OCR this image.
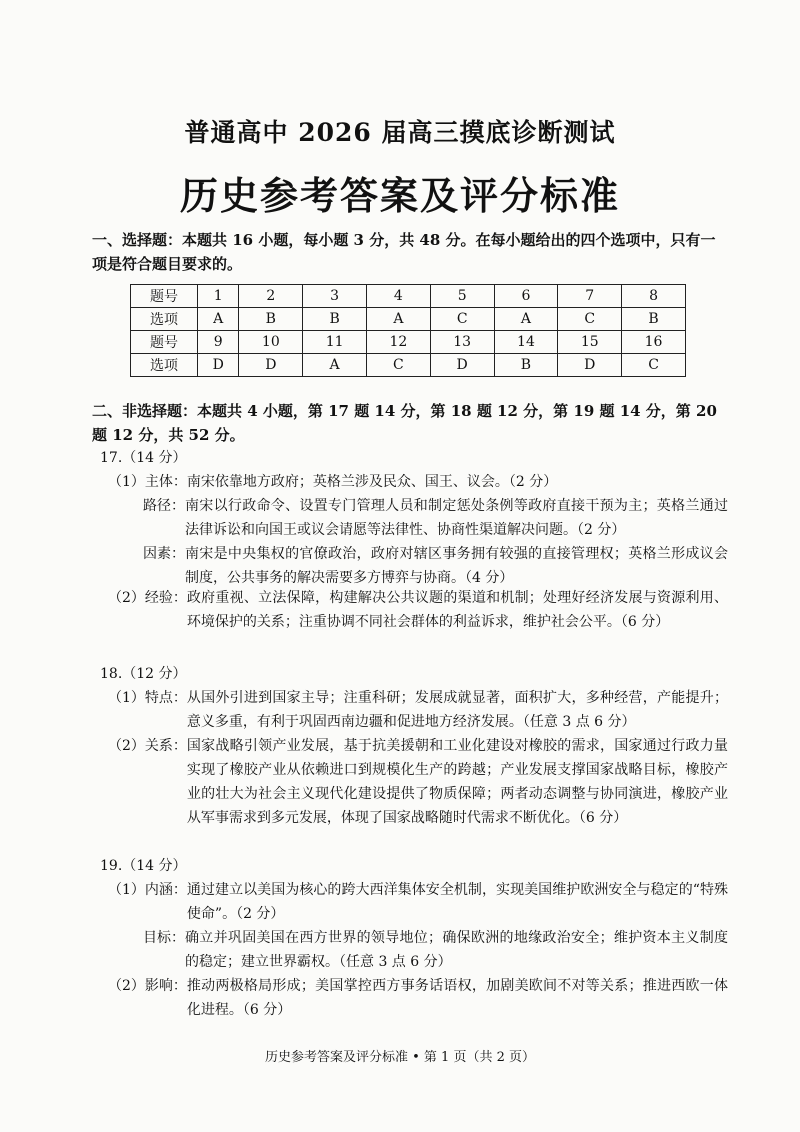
普通高中 2026 届高三摸底诊断测试
历史参考答案及评分标准
一、选择题：本题共 16 小题，每小题 3 分，共 48 分。在每小题给出的四个选项中，只有一项是符合题目要求的。
题号	1	2	3	4	5	6	7	8
选项	A	B	B	A	C	A	C	B
题号	9	10	11	12	13	14	15	16
选项	D	D	A	C	D	B	D	C
二、非选择题：本题共 4 小题，第 17 题 14 分，第 18 题 12 分，第 19 题 14 分，第 20 题 12 分，共 52 分。
17.（14 分）
（1）主体： 南宋依靠地方政府；英格兰涉及民众、国王、议会。（2 分）
路径： 南宋以行政命令、设置专门管理人员和制定惩处条例等政府直接干预为主；英格兰通过法律诉讼和向国王或议会请愿等法律性、协商性渠道解决问题。（2 分）
因素： 南宋是中央集权的官僚政治，政府对辖区事务拥有较强的直接管理权；英格兰形成议会制度，公共事务的解决需要多方博弈与协商。（4 分）
（2）经验： 政府重视、立法保障，构建解决公共议题的渠道和机制；处理好经济发展与资源利用、环境保护的关系；注重协调不同社会群体的利益诉求，维护社会公平。（6 分）
18.（12 分）
（1）特点： 从国外引进到国家主导；注重科研；发展成就显著，面积扩大，多种经营，产能提升；意义多重，有利于巩固西南边疆和促进地方经济发展。（任意 3 点 6 分）
（2）关系： 国家战略引领产业发展，基于抗美援朝和工业化建设对橡胶的需求，国家通过行政力量实现了橡胶产业从依赖进口到规模化生产的跨越；产业发展支撑国家战略目标，橡胶产业的壮大为社会主义现代化建设提供了物质保障；两者动态调整与协同演进，橡胶产业从军事需求到多元发展，体现了国家战略随时代需求不断优化。（6 分）
19.（14 分）
（1）内涵： 通过建立以美国为核心的跨大西洋集体安全机制，实现美国维护欧洲安全与稳定的“特殊使命”。（2 分）
目标： 确立并巩固美国在西方世界的领导地位；确保欧洲的地缘政治安全；维护资本主义制度的稳定；建立世界霸权。（任意 3 点 6 分）
（2）影响： 推动两极格局形成；美国掌控西方事务话语权，加剧美欧间不对等关系；推进西欧一体化进程。（6 分）
历史参考答案及评分标准 • 第 1 页（共 2 页）
